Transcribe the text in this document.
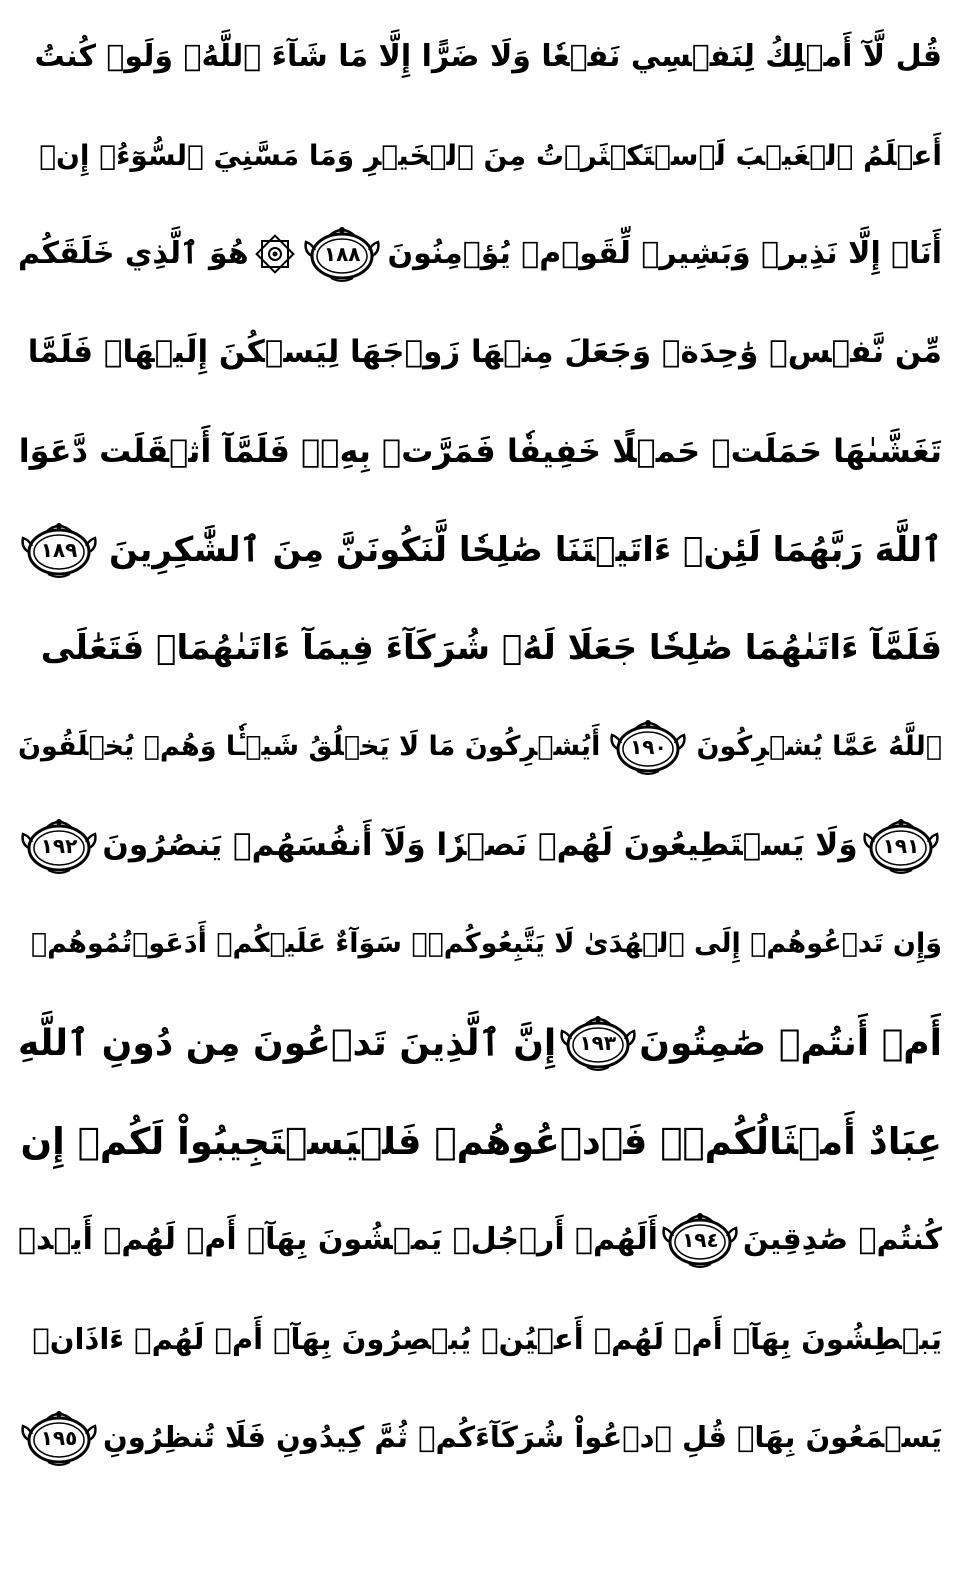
قُل لَّآ أَمۡلِكُ لِنَفۡسِي نَفۡعٗا وَلَا ضَرًّا إِلَّا مَا شَآءَ ٱللَّهُۚ وَلَوۡ كُنتُ
أَعۡلَمُ ٱلۡغَيۡبَ لَٱسۡتَكۡثَرۡتُ مِنَ ٱلۡخَيۡرِ وَمَا مَسَّنِيَ ٱلسُّوٓءُۚ إِنۡ
أَنَا۠ إِلَّا نَذِيرٞ وَبَشِيرٞ لِّقَوۡمٖ يُؤۡمِنُونَ
١٨٨
هُوَ ٱلَّذِي خَلَقَكُم
مِّن نَّفۡسٖ وَٰحِدَةٖ وَجَعَلَ مِنۡهَا زَوۡجَهَا لِيَسۡكُنَ إِلَيۡهَاۖ فَلَمَّا
تَغَشَّىٰهَا حَمَلَتۡ حَمۡلًا خَفِيفٗا فَمَرَّتۡ بِهِۦۖ فَلَمَّآ أَثۡقَلَت دَّعَوَا
ٱللَّهَ رَبَّهُمَا لَئِنۡ ءَاتَيۡتَنَا صَٰلِحٗا لَّنَكُونَنَّ مِنَ ٱلشَّٰكِرِينَ
١٨٩
فَلَمَّآ ءَاتَىٰهُمَا صَٰلِحٗا جَعَلَا لَهُۥ شُرَكَآءَ فِيمَآ ءَاتَىٰهُمَاۚ فَتَعَٰلَى
ٱللَّهُ عَمَّا يُشۡرِكُونَ
١٩٠
أَيُشۡرِكُونَ مَا لَا يَخۡلُقُ شَيۡـٔٗا وَهُمۡ يُخۡلَقُونَ
١٩١
وَلَا يَسۡتَطِيعُونَ لَهُمۡ نَصۡرٗا وَلَآ أَنفُسَهُمۡ يَنصُرُونَ
١٩٢
وَإِن تَدۡعُوهُمۡ إِلَى ٱلۡهُدَىٰ لَا يَتَّبِعُوكُمۡۚ سَوَآءٌ عَلَيۡكُمۡ أَدَعَوۡتُمُوهُمۡ
أَمۡ أَنتُمۡ صَٰمِتُونَ
١٩٣
إِنَّ ٱلَّذِينَ تَدۡعُونَ مِن دُونِ ٱللَّهِ
عِبَادٌ أَمۡثَالُكُمۡۖ فَٱدۡعُوهُمۡ فَلۡيَسۡتَجِيبُواْ لَكُمۡ إِن
كُنتُمۡ صَٰدِقِينَ
١٩٤
أَلَهُمۡ أَرۡجُلٞ يَمۡشُونَ بِهَآۖ أَمۡ لَهُمۡ أَيۡدٖ
يَبۡطِشُونَ بِهَآۖ أَمۡ لَهُمۡ أَعۡيُنٞ يُبۡصِرُونَ بِهَآۖ أَمۡ لَهُمۡ ءَاذَانٞ
يَسۡمَعُونَ بِهَاۗ قُلِ ٱدۡعُواْ شُرَكَآءَكُمۡ ثُمَّ كِيدُونِ فَلَا تُنظِرُونِ
١٩٥
